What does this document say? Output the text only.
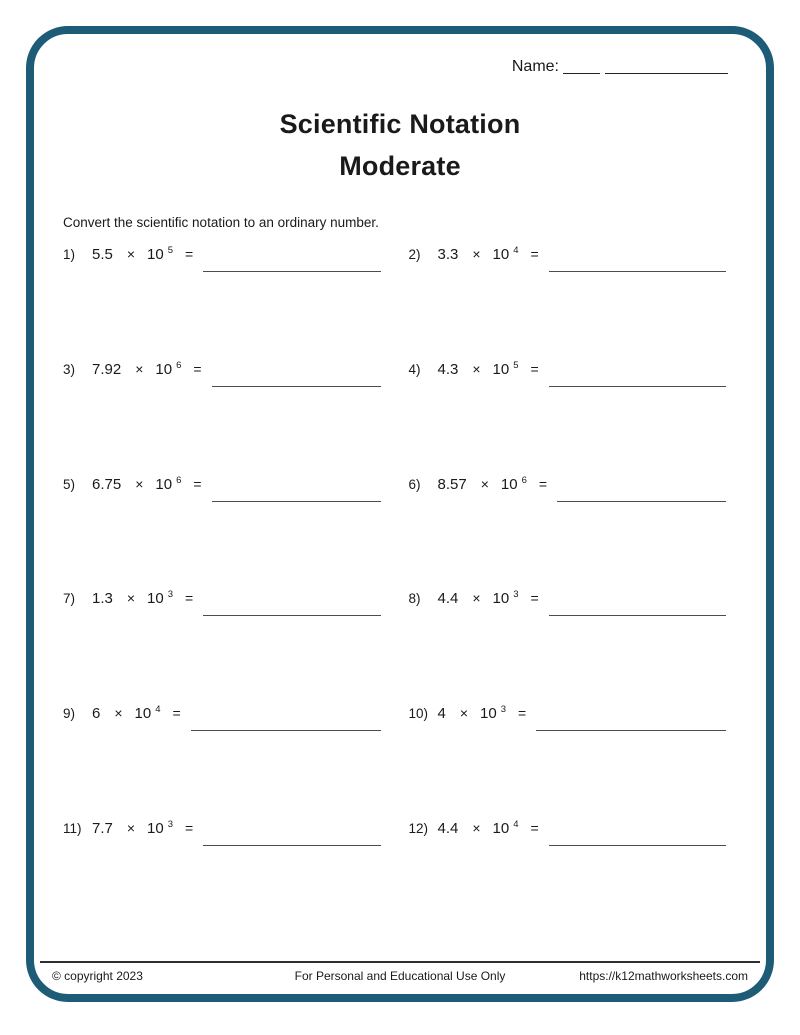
Name:
Scientific Notation
Moderate
Convert the scientific notation to an ordinary number.
1)	5.5 × 10 5 =	2)	3.3 × 10 4 =
3)	7.92 × 10 6 =	4)	4.3 × 10 5 =
5)	6.75 × 10 6 =	6)	8.57 × 10 6 =
7)	1.3 × 10 3 =	8)	4.4 × 10 3 =
9)	6 × 10 4 =	10) 4 × 10 3 =
11) 7.7 × 10 3 =	12) 4.4 × 10 4 =
© copyright 2023	For Personal and Educational Use Only	https://k12mathworksheets.com
